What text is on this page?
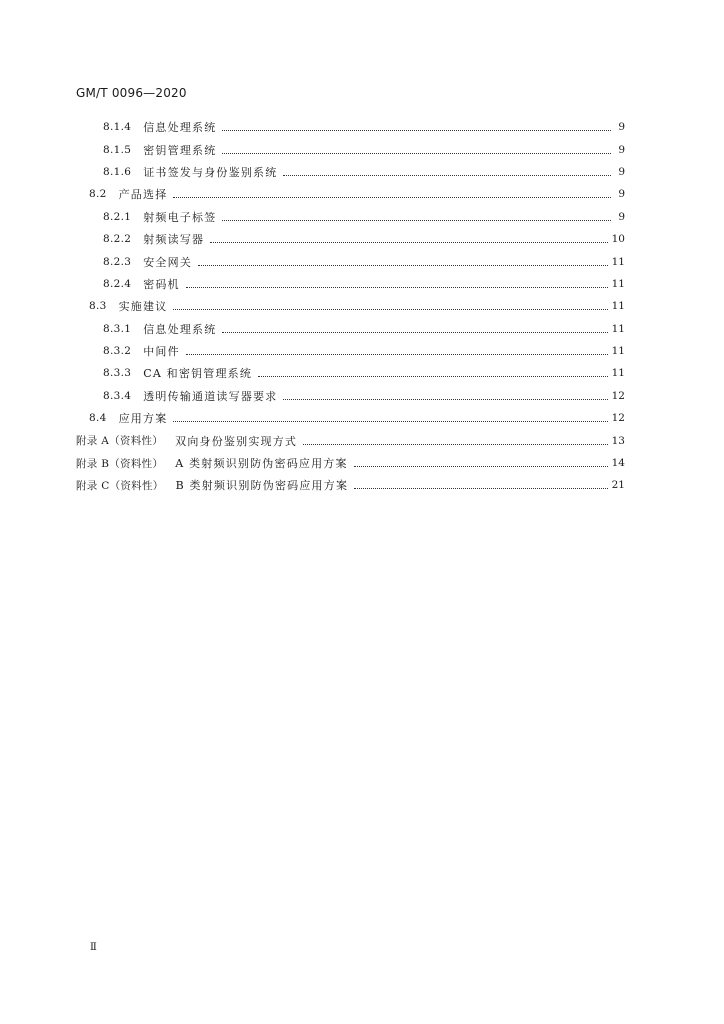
GM/T 0096—2020
8.1.4 信息处理系统	9
8.1.5 密钥管理系统	9
8.1.6 证书签发与身份鉴别系统	9
8.2 产品选择	9
8.2.1 射频电子标签	9
8.2.2 射频读写器	10
8.2.3 安全网关	11
8.2.4 密码机	11
8.3 实施建议	11
8.3.1 信息处理系统	11
8.3.2 中间件	11
8.3.3 CA 和密钥管理系统	11
8.3.4 透明传输通道读写器要求	12
8.4 应用方案	12
附录 A（资料性） 双向身份鉴别实现方式	13
附录 B（资料性） A 类射频识别防伪密码应用方案	14
附录 C（资料性） B 类射频识别防伪密码应用方案	21
Ⅱ
